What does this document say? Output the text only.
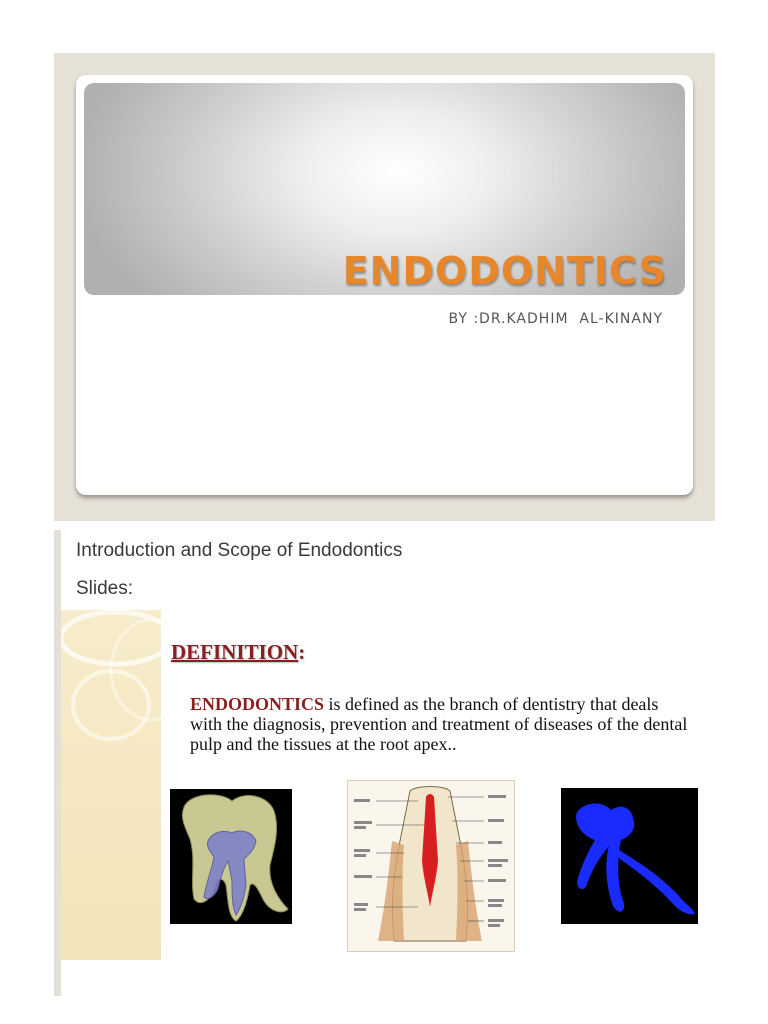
ENDODONTICS

BY :DR.KADHIM  AL-KINANY

Introduction and Scope of Endodontics

Slides:

DEFINITION:

ENDODONTICS is defined as the branch of dentistry that deals with the diagnosis, prevention and treatment of diseases of the dental pulp and the tissues at the root apex..
